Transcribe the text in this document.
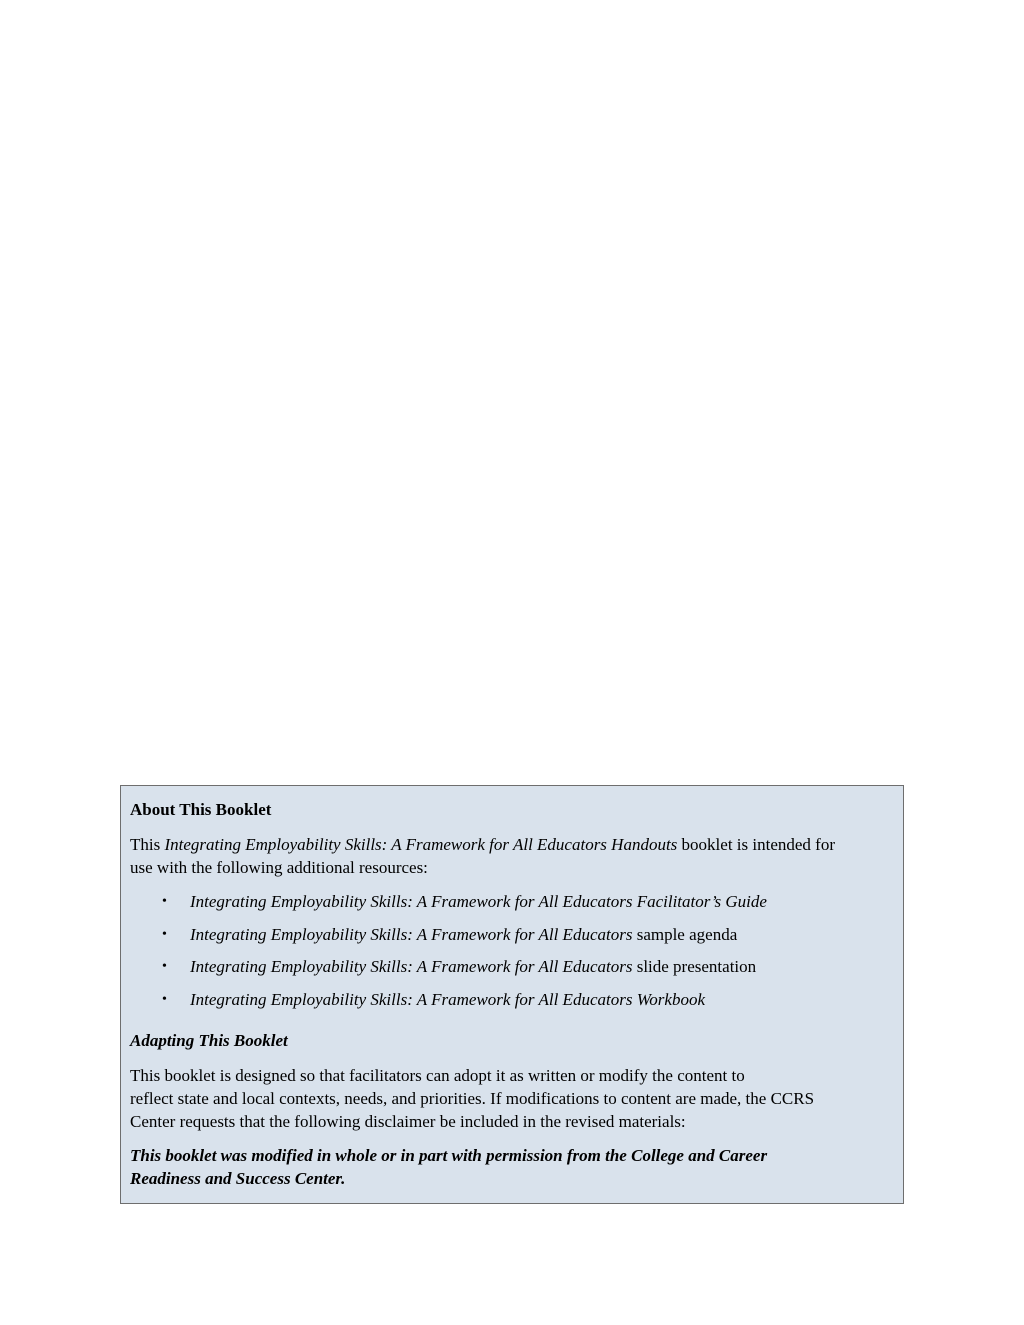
About This Booklet

This Integrating Employability Skills: A Framework for All Educators Handouts booklet is intended for
use with the following additional resources:

• Integrating Employability Skills: A Framework for All Educators Facilitator’s Guide
• Integrating Employability Skills: A Framework for All Educators sample agenda
• Integrating Employability Skills: A Framework for All Educators slide presentation
• Integrating Employability Skills: A Framework for All Educators Workbook

Adapting This Booklet

This booklet is designed so that facilitators can adopt it as written or modify the content to
reflect state and local contexts, needs, and priorities. If modifications to content are made, the CCRS
Center requests that the following disclaimer be included in the revised materials:

This booklet was modified in whole or in part with permission from the College and Career
Readiness and Success Center.
